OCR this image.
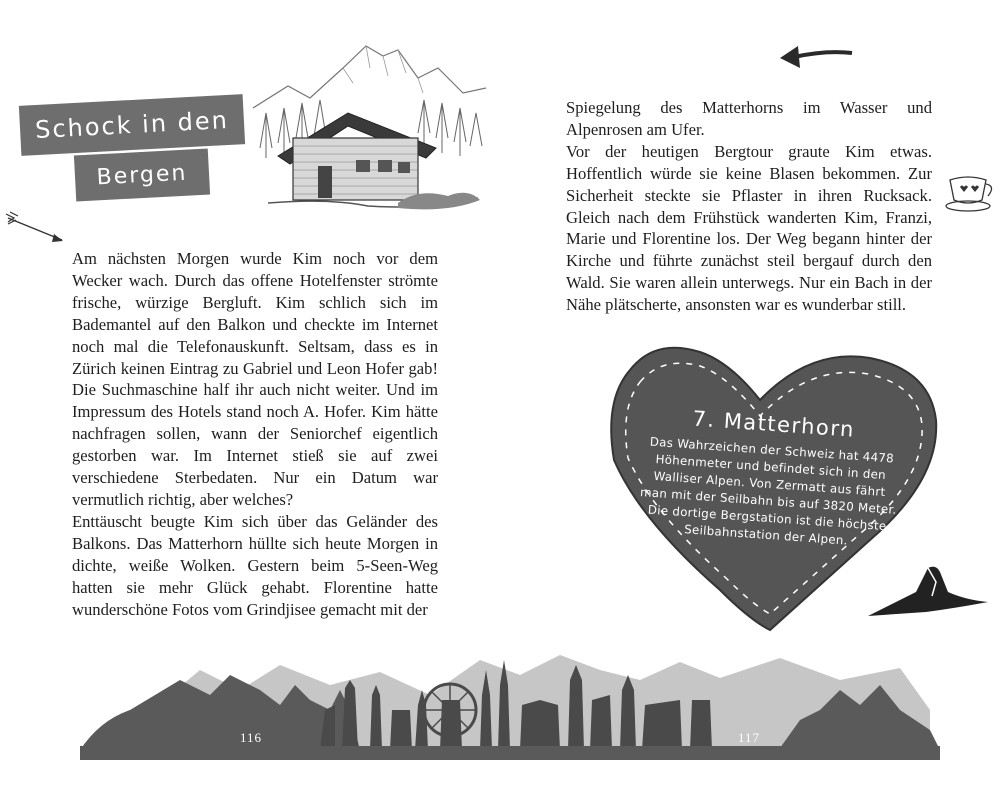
Schock in den
Bergen

Am nächsten Morgen wurde Kim noch vor dem Wecker wach. Durch das offene Hotelfenster strömte frische, würzige Bergluft. Kim schlich sich im Bademantel auf den Balkon und checkte im Internet noch mal die Telefonauskunft. Seltsam, dass es in Zürich keinen Eintrag zu Gabriel und Leon Hofer gab! Die Suchmaschine half ihr auch nicht weiter. Und im Impressum des Hotels stand noch A. Hofer. Kim hätte nachfragen sollen, wann der Seniorchef eigentlich gestorben war. Im Internet stieß sie auf zwei verschiedene Sterbedaten. Nur ein Datum war vermutlich richtig, aber welches?

Enttäuscht beugte Kim sich über das Geländer des Balkons. Das Matterhorn hüllte sich heute Morgen in dichte, weiße Wolken. Gestern beim 5-Seen-Weg hatten sie mehr Glück gehabt. Florentine hatte wunderschöne Fotos vom Grindjisee gemacht mit der

Spiegelung des Matterhorns im Wasser und Alpenrosen am Ufer.

Vor der heutigen Bergtour graute Kim etwas. Hoffentlich würde sie keine Blasen bekommen. Zur Sicherheit steckte sie Pflaster in ihren Rucksack. Gleich nach dem Frühstück wanderten Kim, Franzi, Marie und Florentine los. Der Weg begann hinter der Kirche und führte zunächst steil bergauf durch den Wald. Sie waren allein unterwegs. Nur ein Bach in der Nähe plätscherte, ansonsten war es wunderbar still.

7. Matterhorn
Das Wahrzeichen der Schweiz hat 4478 Höhenmeter und befindet sich in den Walliser Alpen. Von Zermatt aus fährt man mit der Seilbahn bis auf 3820 Meter. Die dortige Bergstation ist die höchste Seilbahnstation der Alpen.
116	117
